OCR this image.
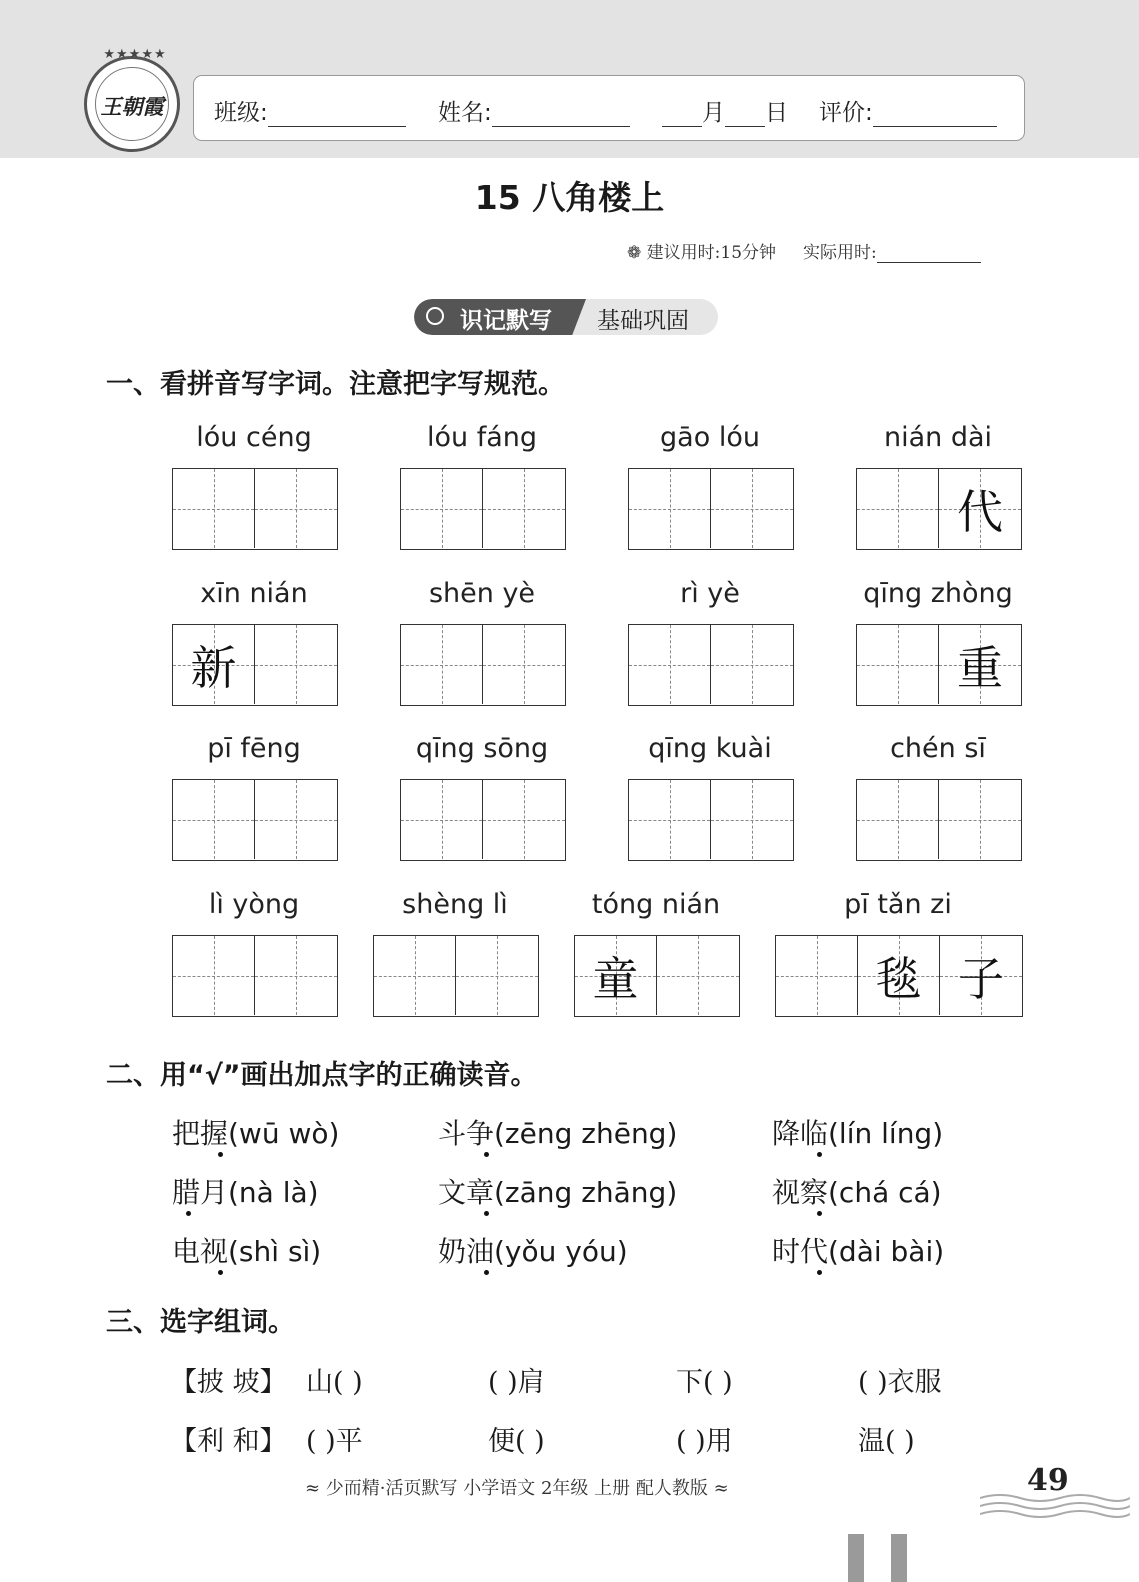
★★★★★
王朝霞	班级:	姓名:	月 日 评价:
15 八角楼上
❁ 建议用时:15分钟 实际用时:
识记默写 基础巩固
一、看拼音写字词。注意把字写规范。
lóu céng	lóu fáng	gāo lóu	nián dài
代
xīn nián
新
shēn yè	rì yè	qīng zhòng
重
pī fēng	qīng sōng	qīng kuài	chén sī
lì yòng	shèng lì	tóng nián
童
pī tǎn zi
毯 子
二、用“√”画出加点字的正确读音。
把握(wū wò)	斗争(zēng zhēng)	降临(lín líng)
腊月(nà là)	文章(zāng zhāng)	视察(chá cá)
电视(shì sì)	奶油(yǒu yóu)	时代(dài bài)
三、选字组词。
【披 坡】 山( )	( )肩	下( )	( )衣服
【利 和】 ( )平	便( )	( )用	温( )
≈ 少而精·活页默写 小学语文 2年级 上册 配人教版 ≈	49
